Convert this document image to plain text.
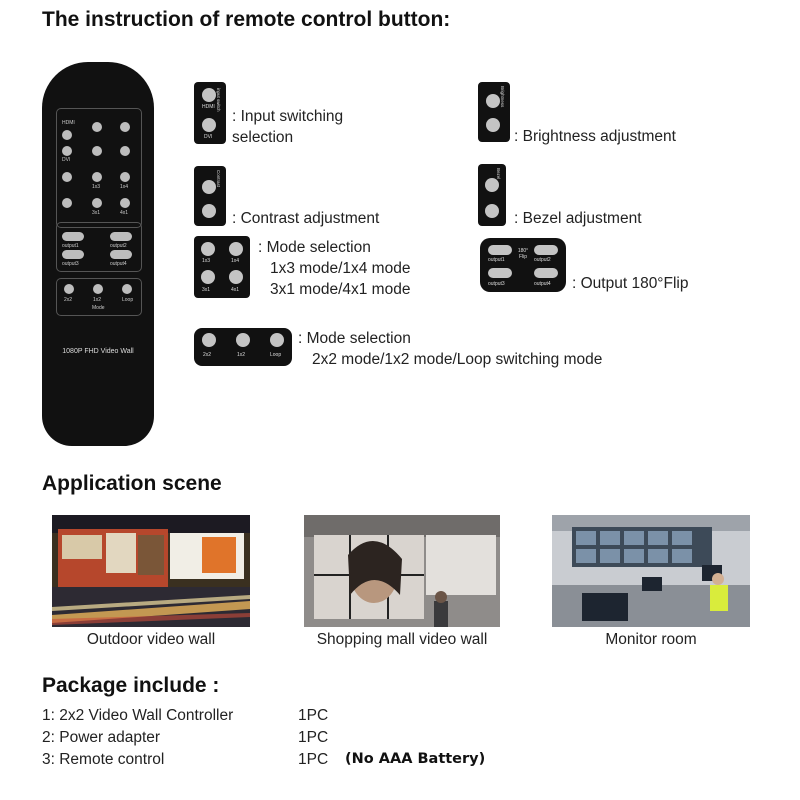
The instruction of remote control button:
HDMI
DVI
1x3	1x4
3x1	4x1
output1	output2
output3	output4
2x2	1x2	Loop
Mode
1080P FHD Video Wall
HDMI
DVI
input switch
: Input switching
selection
Brightness
: Brightness adjustment
Contrast
: Contrast adjustment
Bezel
: Bezel adjustment
1x3	1x4
3x1	4x1
: Mode selection
1x3 mode/1x4 mode
3x1 mode/4x1 mode
output1	output2
180° Flip
output3	output4 : Output 180°Flip
2x2	1x2	Loop
: Mode selection
2x2 mode/1x2 mode/Loop switching mode
Application scene
Outdoor video wall	Shopping mall video wall	Monitor room
Package include :
1: 2x2 Video Wall Controller	1PC
2: Power adapter	1PC
3: Remote control	1PC (No AAA Battery)
